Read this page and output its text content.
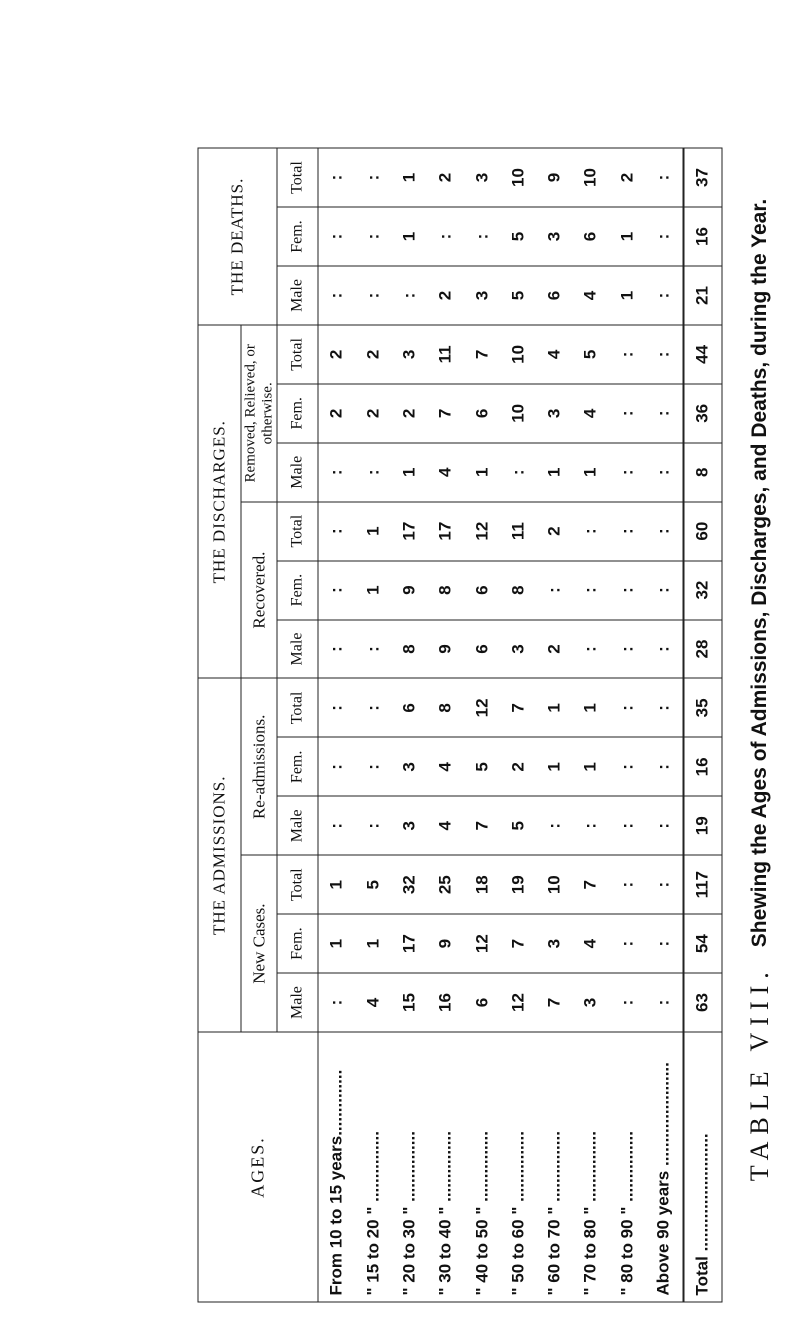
TABLE VIII.
Shewing the Ages of Admissions, Discharges, and Deaths, during the Year.
AGES.	THE ADMISSIONS.						THE DISCHARGES.						THE DEATHS.		
	New Cases.			Re-admissions.			Recovered.			Removed, Relieved, or otherwise.					
	Male	Fem.	Total	Male	Fem.	Total	Male	Fem.	Total	Male	Fem.	Total	Male	Fem.	Total
From 10 to 15 years..............	:	1	1	:	:	:	:	:	:	:	2	2	:	:	:
" 15 to 20 " ...............	4	1	5	:	:	:	:	1	1	:	2	2	:	:	:
" 20 to 30 " ...............	15	17	32	3	3	6	8	9	17	1	2	3	:	1	1
" 30 to 40 " ...............	16	9	25	4	4	8	9	8	17	4	7	11	2	:	2
" 40 to 50 " ...............	6	12	18	7	5	12	6	6	12	1	6	7	3	:	3
" 50 to 60 " ...............	12	7	19	5	2	7	3	8	11	:	10	10	5	5	10
" 60 to 70 " ...............	7	3	10	:	1	1	2	:	2	1	3	4	6	3	9
" 70 to 80 " ...............	3	4	7	:	1	1	:	:	:	1	4	5	4	6	10
" 80 to 90 " ...............	:	:	:	:	:	:	:	:	:	:	:	:	1	1	2
Above 90 years ......................	:	:	:	:	:	:	:	:	:	:	:	:	:	:	:
Total .........................	63	54	117	19	16	35	28	32	60	8	36	44	21	16	37
